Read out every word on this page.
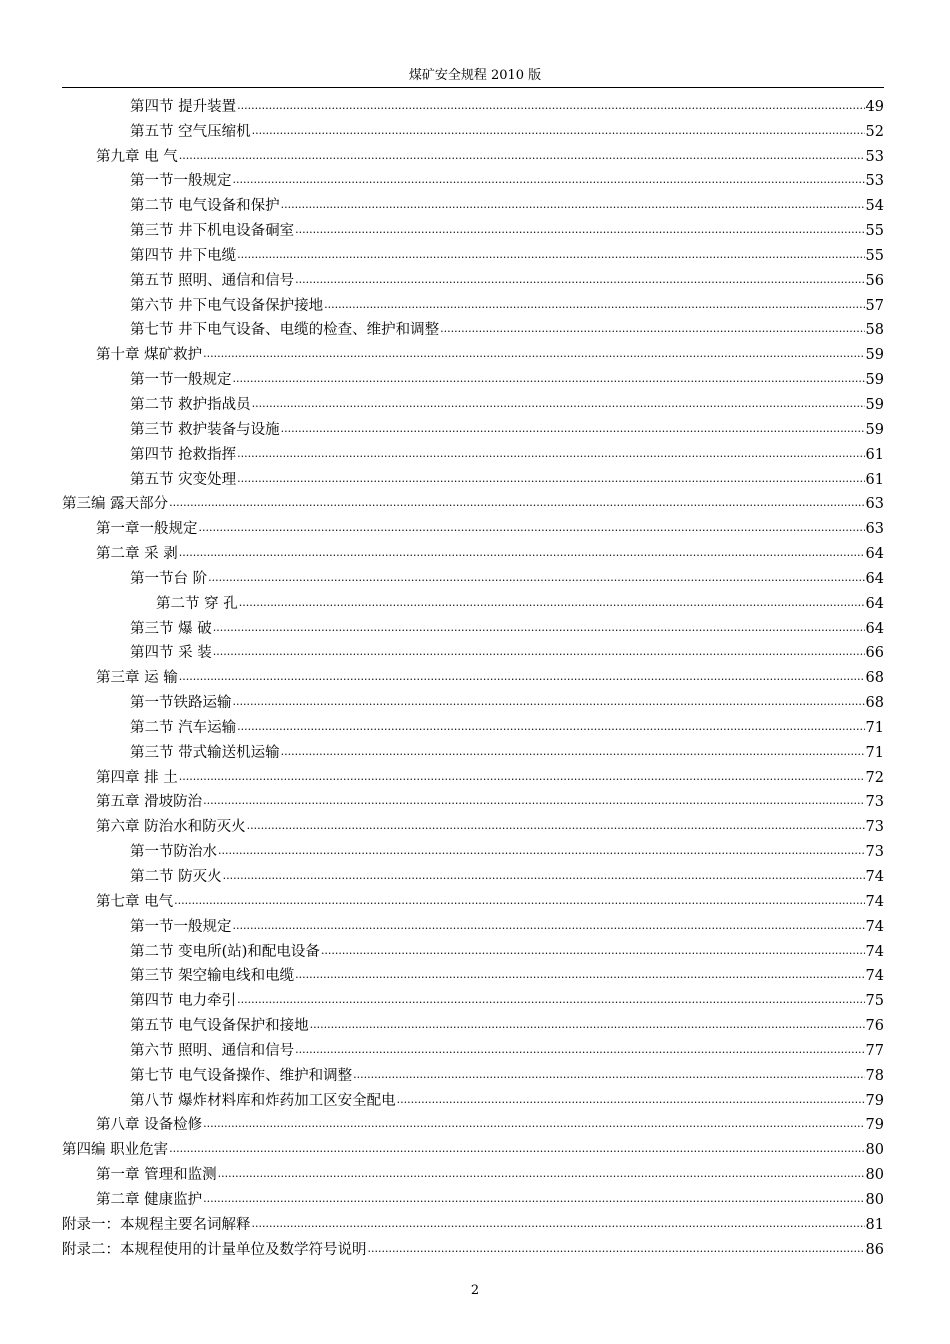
煤矿安全规程 2010 版
第四节 提升装置 .....	49
第五节 空气压缩机 .....	52
第九章 电 气 .....	53
第一节一般规定 .....	53
第二节 电气设备和保护 .....	54
第三节 井下机电设备硐室 .....	55
第四节 井下电缆 .....	55
第五节 照明、通信和信号 .....	56
第六节 井下电气设备保护接地 .....	57
第七节 井下电气设备、电缆的检查、维护和调整 .....	58
第十章 煤矿救护 .....	59
第一节一般规定 .....	59
第二节 救护指战员 .....	59
第三节 救护装备与设施 .....	59
第四节 抢救指挥 .....	61
第五节 灾变处理 .....	61
第三编 露天部分 .....	63
第一章一般规定 .....	63
第二章 采 剥 .....	64
第一节台 阶 .....	64
第二节 穿 孔 .....	64
第三节 爆 破 .....	64
第四节 采 装 .....	66
第三章 运 输 .....	68
第一节铁路运输 .....	68
第二节 汽车运输 .....	71
第三节 带式输送机运输 .....	71
第四章 排 土 .....	72
第五章 滑坡防治 .....	73
第六章 防治水和防灭火 .....	73
第一节防治水 .....	73
第二节 防灭火 .....	74
第七章 电气 .....	74
第一节一般规定 .....	74
第二节 变电所(站)和配电设备 .....	74
第三节 架空输电线和电缆 .....	74
第四节 电力牵引 .....	75
第五节 电气设备保护和接地 .....	76
第六节 照明、通信和信号 .....	77
第七节 电气设备操作、维护和调整 .....	78
第八节 爆炸材料库和炸药加工区安全配电 .....	79
第八章 设备检修 .....	79
第四编 职业危害 .....	80
第一章 管理和监测 .....	80
第二章 健康监护 .....	80
附录一：本规程主要名词解释 .....	81
附录二：本规程使用的计量单位及数学符号说明 .....	86
2
